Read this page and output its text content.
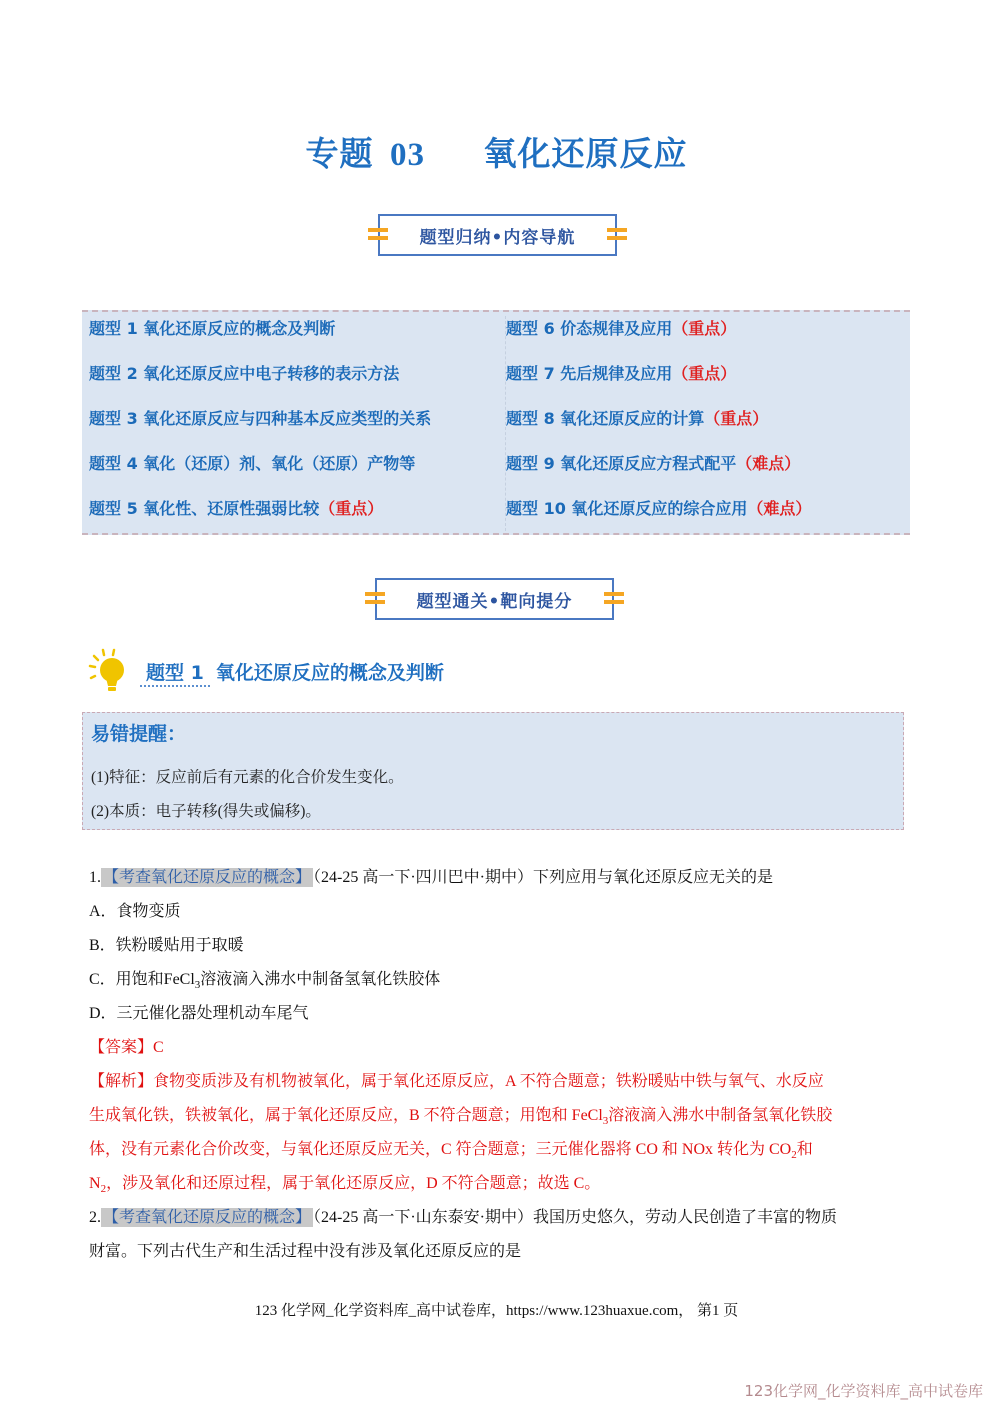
专题 03 氧化还原反应
题型归纳•内容导航
题型 1 氧化还原反应的概念及判断
题型 2 氧化还原反应中电子转移的表示方法
题型 3 氧化还原反应与四种基本反应类型的关系
题型 4 氧化（还原）剂、氧化（还原）产物等
题型 5 氧化性、还原性强弱比较（重点）
题型 6 价态规律及应用（重点）
题型 7 先后规律及应用（重点）
题型 8 氧化还原反应的计算（重点）
题型 9 氧化还原反应方程式配平（难点）
题型 10 氧化还原反应的综合应用（难点）
题型通关•靶向提分
题型 1 氧化还原反应的概念及判断
易错提醒：
(1)特征：反应前后有元素的化合价发生变化。
(2)本质：电子转移(得失或偏移)。
1. 【考查氧化还原反应的概念】 （24-25 高一下·四川巴中·期中）下列应用与氧化还原反应无关的是
A．食物变质
B．铁粉暖贴用于取暖
C．用饱和FeCl$_3$溶液滴入沸水中制备氢氧化铁胶体
D．三元催化器处理机动车尾气
【答案】C
【解析】食物变质涉及有机物被氧化，属于氧化还原反应，A 不符合题意；铁粉暖贴中铁与氧气、水反应
生成氧化铁，铁被氧化，属于氧化还原反应，B 不符合题意；用饱和 FeCl$_3$溶液滴入沸水中制备氢氧化铁胶
体，没有元素化合价改变，与氧化还原反应无关，C 符合题意；三元催化器将 CO 和 NOx 转化为 $CO_2$和
$N_2$，涉及氧化和还原过程，属于氧化还原反应，D 不符合题意；故选 C。
2. 【考查氧化还原反应的概念】 （24-25 高一下·山东泰安·期中）我国历史悠久，劳动人民创造了丰富的物质
财富。下列古代生产和生活过程中没有涉及氧化还原反应的是
123 化学网_化学资料库_高中试卷库，https://www.123huaxue.com， 第1 页
123化学网_化学资料库_高中试卷库
